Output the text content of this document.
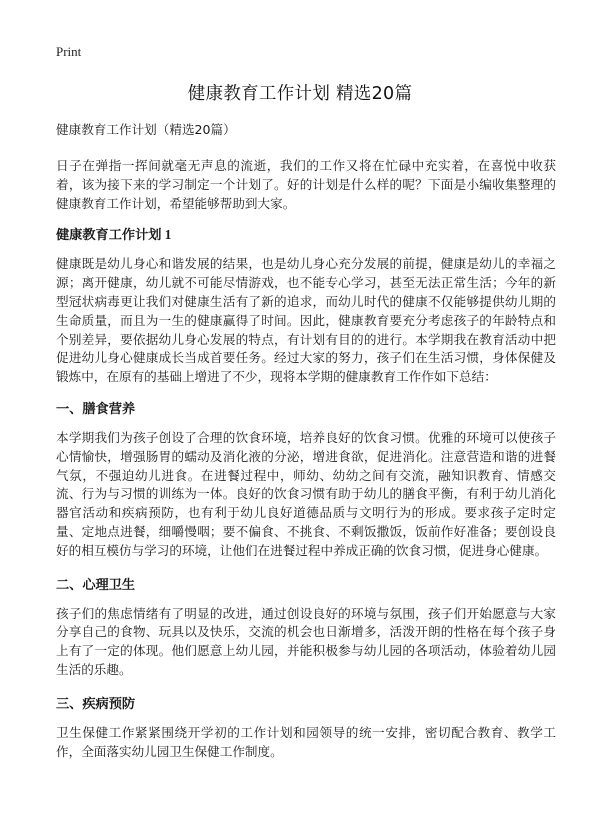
Print
健康教育工作计划 精选20篇

健康教育工作计划（精选20篇）

日子在弹指一挥间就毫无声息的流逝，我们的工作又将在忙碌中充实着，在喜悦中收获着，该为接下来的学习制定一个计划了。好的计划是什么样的呢？下面是小编收集整理的健康教育工作计划，希望能够帮助到大家。

健康教育工作计划 1

健康既是幼儿身心和谐发展的结果，也是幼儿身心充分发展的前提，健康是幼儿的幸福之源；离开健康，幼儿就不可能尽情游戏，也不能专心学习，甚至无法正常生活；今年的新型冠状病毒更让我们对健康生活有了新的追求，而幼儿时代的健康不仅能够提供幼儿期的生命质量，而且为一生的健康赢得了时间。因此，健康教育要充分考虑孩子的年龄特点和个别差异，要依据幼儿身心发展的特点，有计划有目的的进行。本学期我在教育活动中把促进幼儿身心健康成长当成首要任务。经过大家的努力，孩子们在生活习惯，身体保健及锻炼中，在原有的基础上增进了不少，现将本学期的健康教育工作作如下总结：

一、膳食营养

本学期我们为孩子创设了合理的饮食环境，培养良好的饮食习惯。优雅的环境可以使孩子心情愉快，增强肠胃的蠕动及消化液的分泌，增进食欲，促进消化。注意营造和谐的进餐气氛，不强迫幼儿进食。在进餐过程中，师幼、幼幼之间有交流，融知识教育、情感交流、行为与习惯的训练为一体。良好的饮食习惯有助于幼儿的膳食平衡，有利于幼儿消化器官活动和疾病预防，也有利于幼儿良好道德品质与文明行为的形成。要求孩子定时定量、定地点进餐，细嚼慢咽；要不偏食、不挑食、不剩饭撒饭，饭前作好准备；要创设良好的相互模仿与学习的环境，让他们在进餐过程中养成正确的饮食习惯，促进身心健康。

二、心理卫生

孩子们的焦虑情绪有了明显的改进，通过创设良好的环境与氛围，孩子们开始愿意与大家分享自己的食物、玩具以及快乐，交流的机会也日渐增多，活泼开朗的性格在每个孩子身上有了一定的体现。他们愿意上幼儿园，并能积极参与幼儿园的各项活动，体验着幼儿园生活的乐趣。

三、疾病预防

卫生保健工作紧紧围绕开学初的工作计划和园领导的统一安排，密切配合教育、教学工作，全面落实幼儿园卫生保健工作制度。
